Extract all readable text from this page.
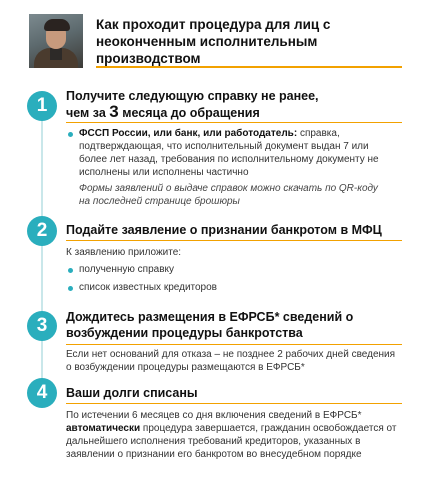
Как проходит процедура для лиц с неоконченным исполнительным производством
1	Получите следующую справку не ранее,
чем за 3 месяца до обращения
ФССП России, или банк, или работодатель: справка, подтверждающая, что исполнительный документ выдан 7 или более лет назад, требования по исполнительному документу не исполнены или исполнены частично
Формы заявлений о выдаче справок можно скачать по QR-коду на последней странице брошюры
2	Подайте заявление о признании банкротом в МФЦ
К заявлению приложите:
полученную справку
список известных кредиторов
3	Дождитесь размещения в ЕФРСБ* сведений о возбуждении процедуры банкротства
Если нет оснований для отказа – не позднее 2 рабочих дней сведения о возбуждении процедуры размещаются в ЕФРСБ*
4	Ваши долги списаны
По истечении 6 месяцев со дня включения сведений в ЕФРСБ* автоматически процедура завершается, гражданин освобождается от дальнейшего исполнения требований кредиторов, указанных в заявлении о признании его банкротом во внесудебном порядке
